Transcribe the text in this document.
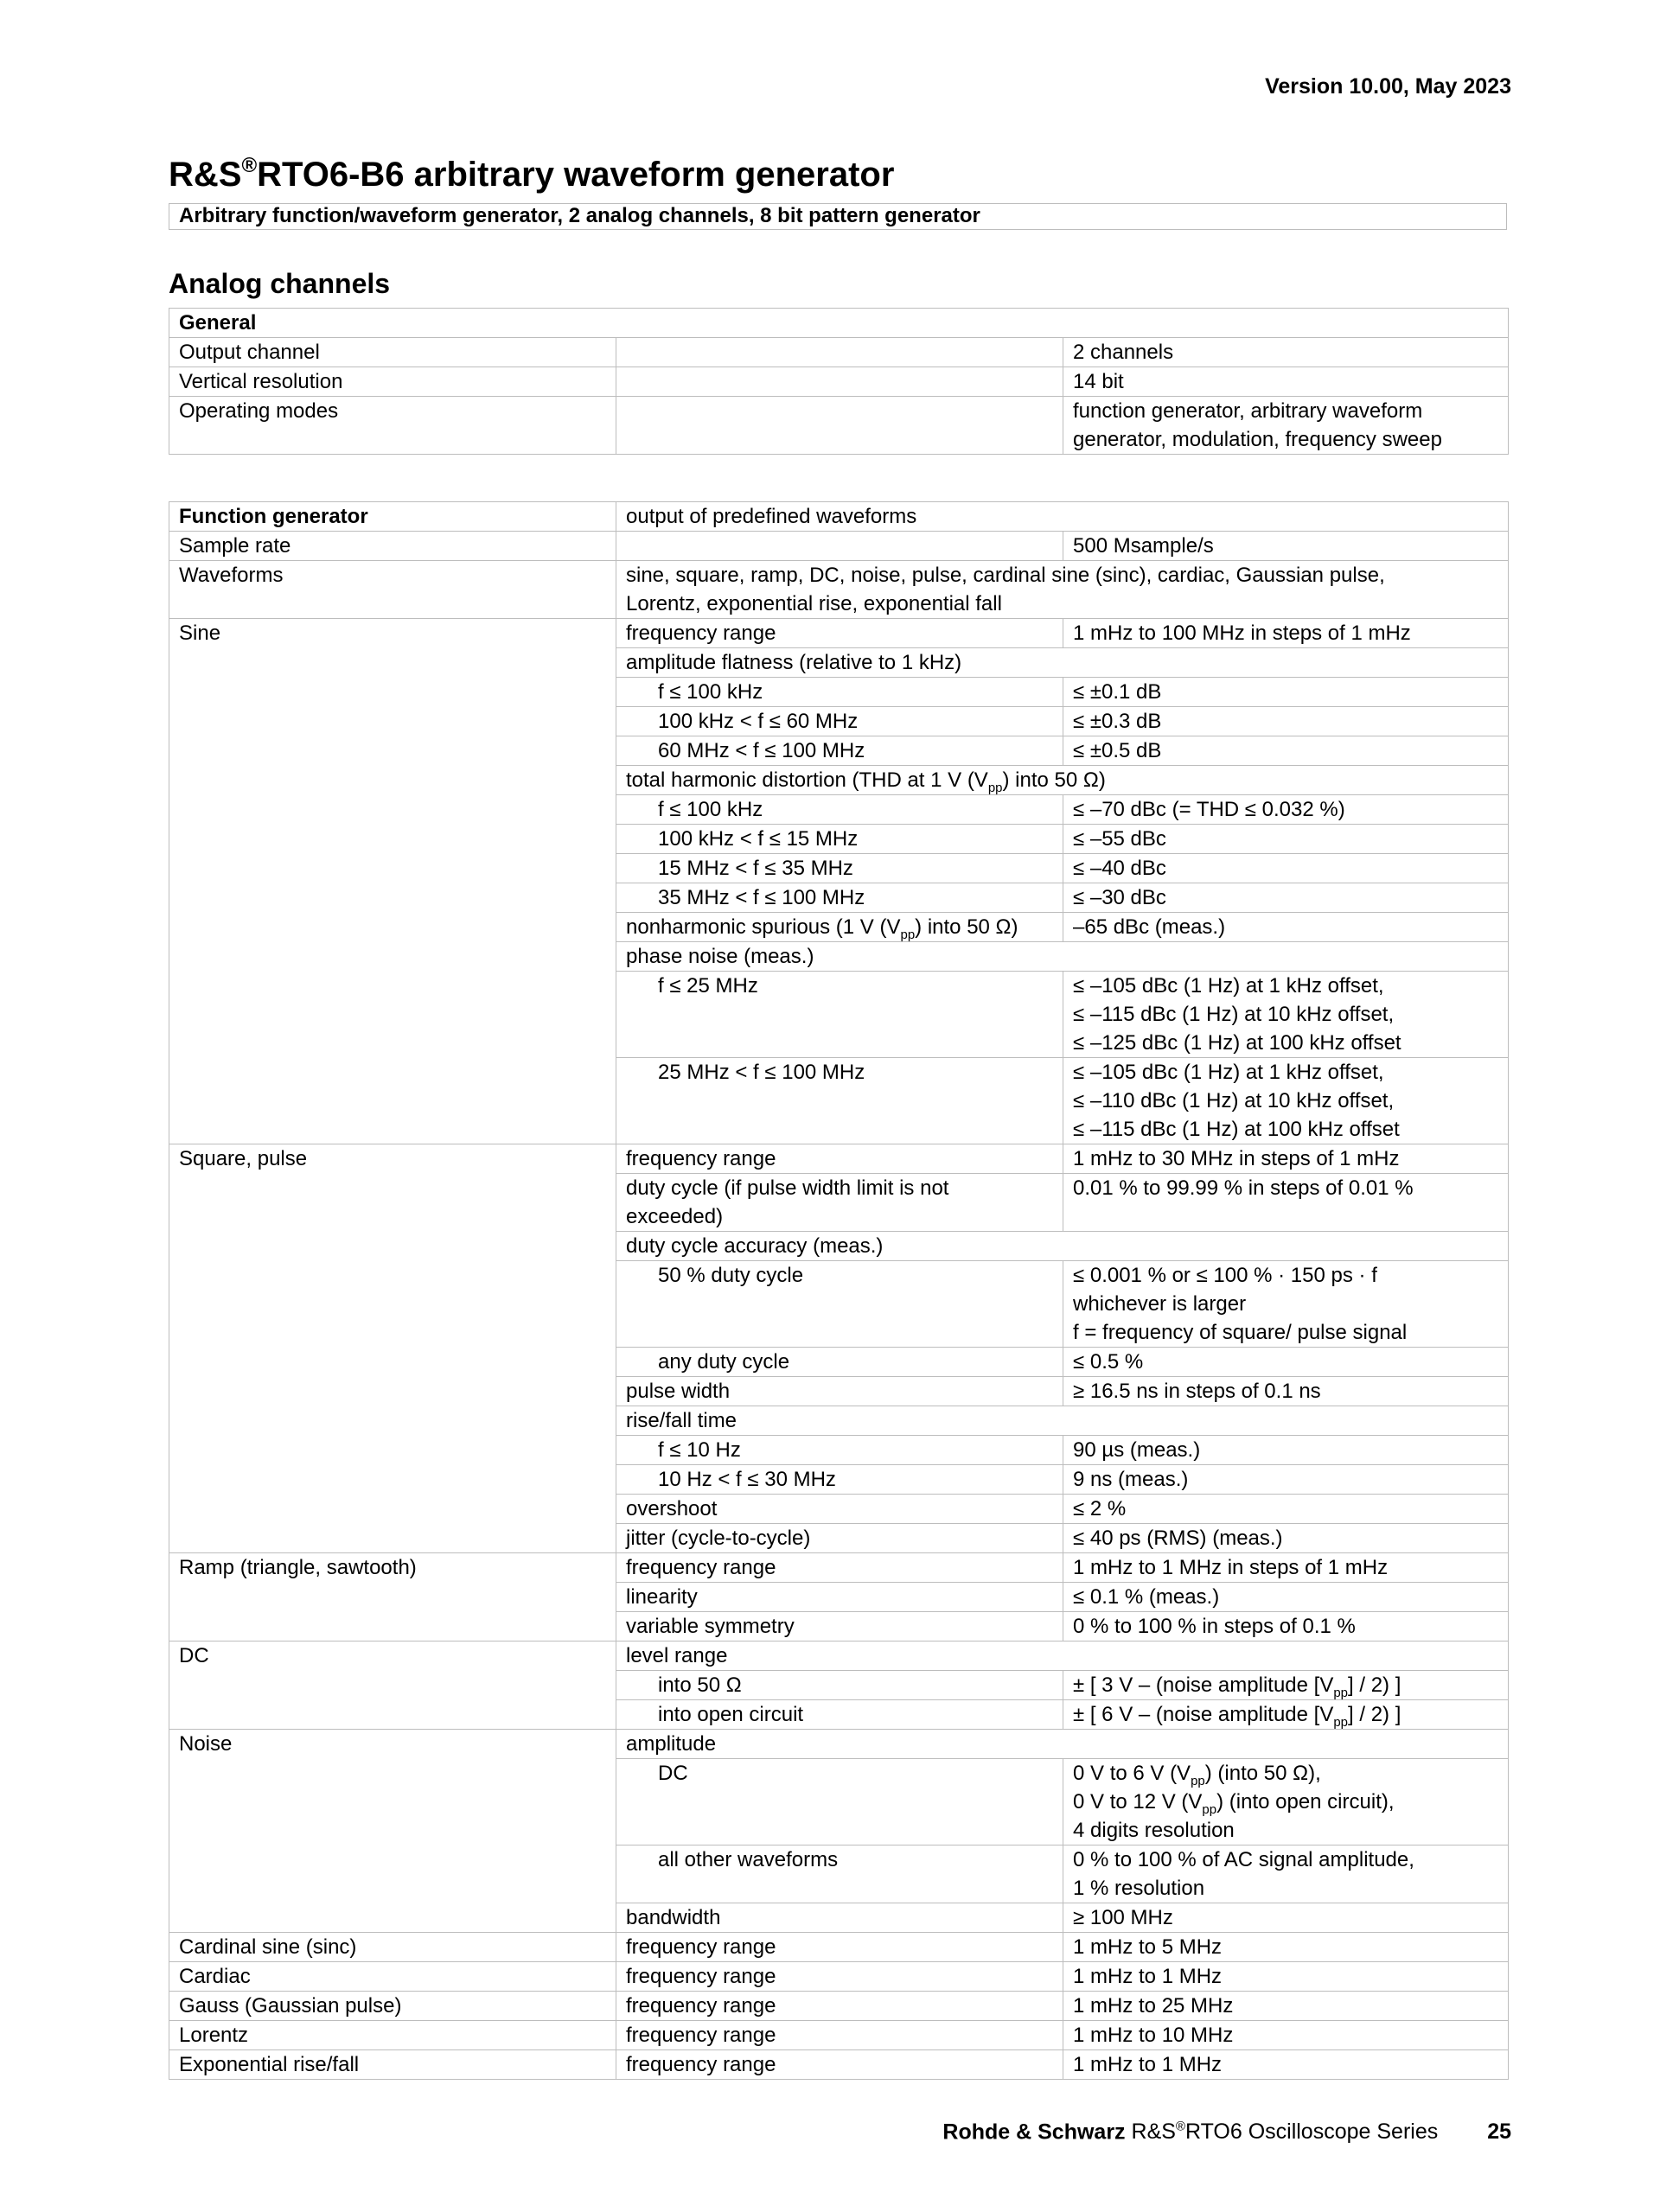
Version 10.00, May 2023
R&S®RTO6-B6 arbitrary waveform generator
Arbitrary function/waveform generator, 2 analog channels, 8 bit pattern generator
Analog channels
General		
Output channel		2 channels
Vertical resolution		14 bit
Operating modes		function generator, arbitrary waveform
generator, modulation, frequency sweep
Function generator	output of predefined waveforms	
Sample rate		500 Msample/s
Waveforms	sine, square, ramp, DC, noise, pulse, cardinal sine (sinc), cardiac, Gaussian pulse,
Lorentz, exponential rise, exponential fall	
Sine	frequency range	1 mHz to 100 MHz in steps of 1 mHz
	amplitude flatness (relative to 1 kHz)	
	f ≤ 100 kHz	≤ ±0.1 dB
	100 kHz < f ≤ 60 MHz	≤ ±0.3 dB
	60 MHz < f ≤ 100 MHz	≤ ±0.5 dB
	total harmonic distortion (THD at 1 V $(V_{pp})$ into 50 Ω)	
	f ≤ 100 kHz	≤ –70 dBc (= THD ≤ 0.032 %)
	100 kHz < f ≤ 15 MHz	≤ –55 dBc
	15 MHz < f ≤ 35 MHz	≤ –40 dBc
	35 MHz < f ≤ 100 MHz	≤ –30 dBc
	nonharmonic spurious (1 V $(V_{pp})$ into 50 Ω)	–65 dBc (meas.)
	phase noise (meas.)	
	f ≤ 25 MHz	≤ –105 dBc (1 Hz) at 1 kHz offset,
≤ –115 dBc (1 Hz) at 10 kHz offset,
≤ –125 dBc (1 Hz) at 100 kHz offset
	25 MHz < f ≤ 100 MHz	≤ –105 dBc (1 Hz) at 1 kHz offset,
≤ –110 dBc (1 Hz) at 10 kHz offset,
≤ –115 dBc (1 Hz) at 100 kHz offset
Square, pulse	frequency range	1 mHz to 30 MHz in steps of 1 mHz
	duty cycle (if pulse width limit is not
exceeded)	0.01 % to 99.99 % in steps of 0.01 %
	duty cycle accuracy (meas.)	
	50 % duty cycle	≤ 0.001 % or ≤ 100 % · 150 ps · f
whichever is larger
f = frequency of square/ pulse signal
	any duty cycle	≤ 0.5 %
	pulse width	≥ 16.5 ns in steps of 0.1 ns
	rise/fall time	
	f ≤ 10 Hz	90 µs (meas.)
	10 Hz < f ≤ 30 MHz	9 ns (meas.)
	overshoot	≤ 2 %
	jitter (cycle-to-cycle)	≤ 40 ps (RMS) (meas.)
Ramp (triangle, sawtooth)	frequency range	1 mHz to 1 MHz in steps of 1 mHz
	linearity	≤ 0.1 % (meas.)
	variable symmetry	0 % to 100 % in steps of 0.1 %
DC	level range	
	into 50 Ω	± [ 3 V – (noise amplitude $[V_{pp}] / 2$) ]
	into open circuit	± [ 6 V – (noise amplitude $[V_{pp}] / 2$) ]
Noise	amplitude	
	DC	0 V to 6 V $(V_{pp})$ (into 50 Ω),
0 V to 12 V $(V_{pp})$ (into open circuit),
4 digits resolution

	all other waveforms	0 % to 100 % of AC signal amplitude,
1 % resolution
	bandwidth	≥ 100 MHz
Cardinal sine (sinc)	frequency range	1 mHz to 5 MHz
Cardiac	frequency range	1 mHz to 1 MHz
Gauss (Gaussian pulse)	frequency range	1 mHz to 25 MHz
Lorentz	frequency range	1 mHz to 10 MHz
Exponential rise/fall	frequency range	1 mHz to 1 MHz
Rohde & Schwarz R&S®RTO6 Oscilloscope Series 25
